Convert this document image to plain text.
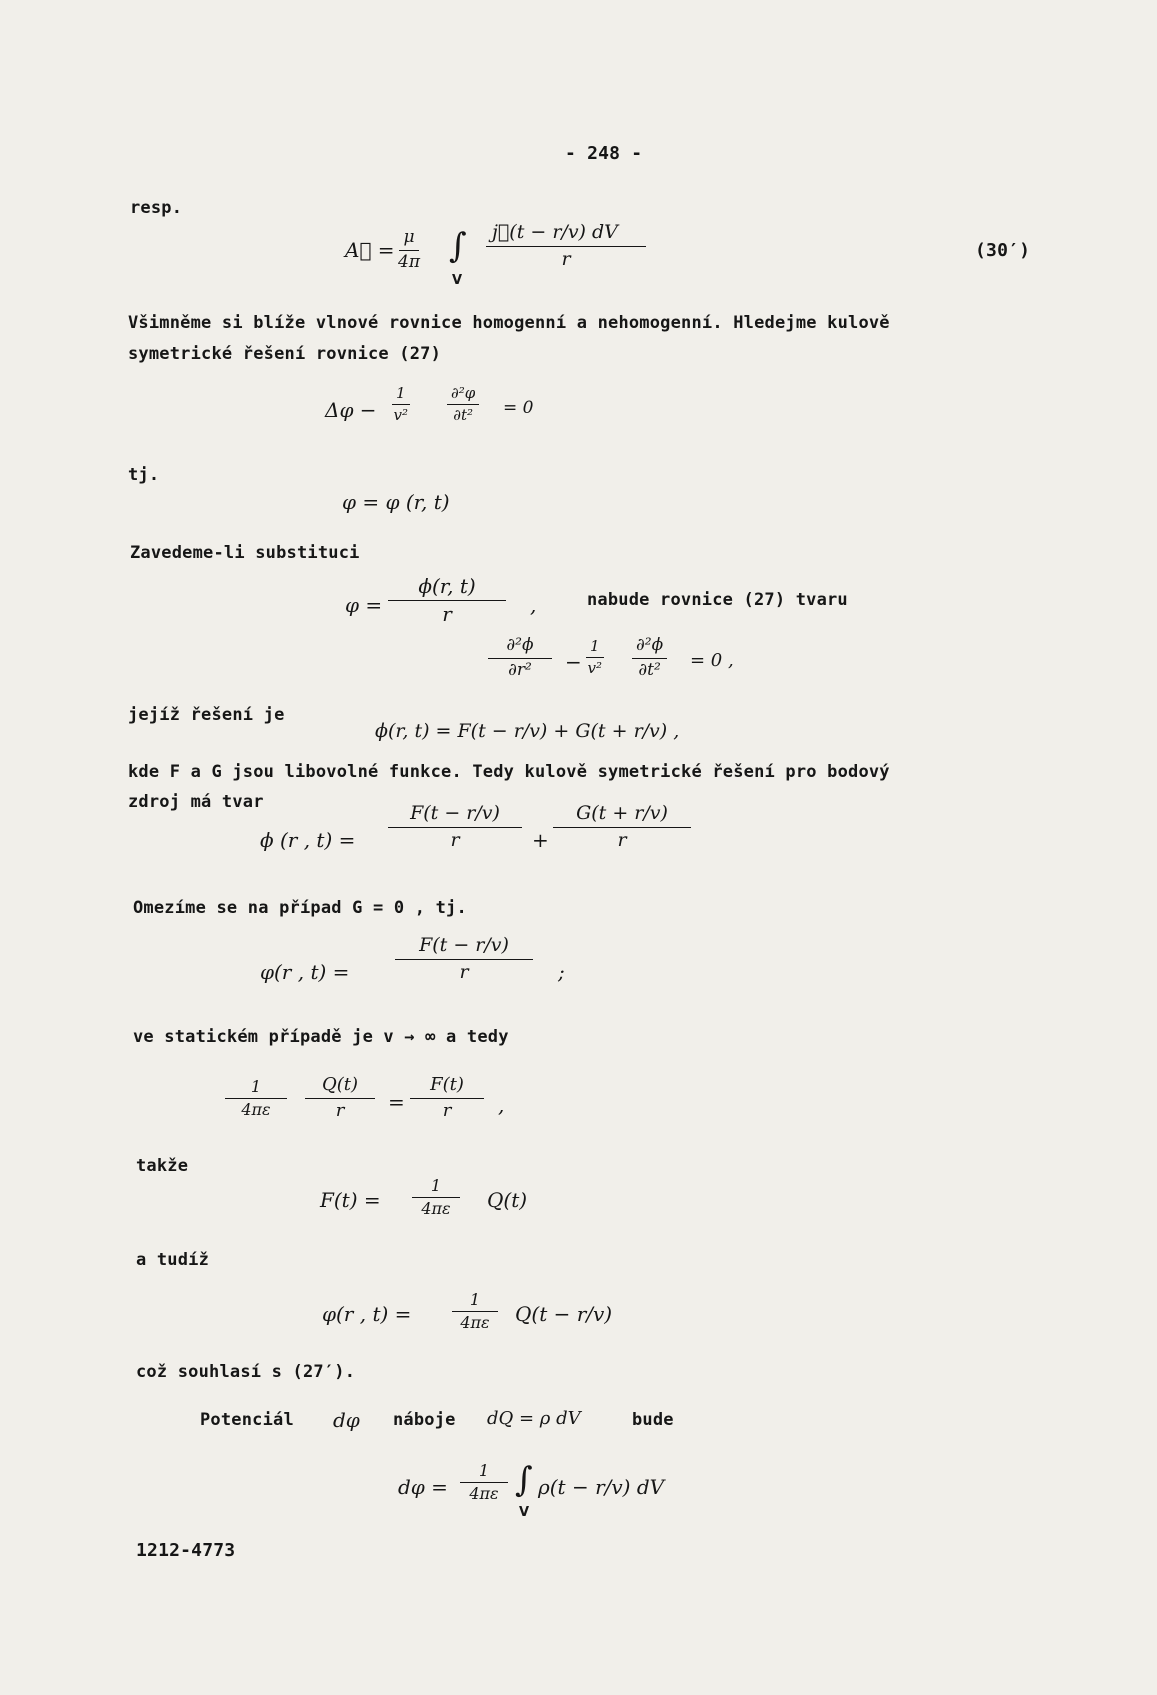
- 248 -
resp.
A⃗ = $\frac{\mu}{4\pi}$ ∫
V
$\frac{j⃗(t - r/v) dV}{r}$	(30′)
Všimněme si blíže vlnové rovnice homogenní a nehomogenní. Hledejme kulově
symetrické řešení rovnice (27)
$\Delta\varphi - \frac{1}{\text{v²}} \frac{\text{∂²φ}}{\text{∂t²}} = 0$
tj.
φ = φ (r, t)
Zavedeme-li substituci
$\varphi = \frac{\phi(r, t)}{r}$ ,	nabude rovnice (27) tvaru
$\frac{\text{∂²ϕ}}{\text{∂r²}} - \frac{1}{\text{v²}} \frac{\text{∂²ϕ}}{\text{∂t²}} = 0$ ,
jejíž řešení je
ϕ(r, t) = F(t − r/v) + G(t + r/v) ,
kde F a G jsou libovolné funkce. Tedy kulově symetrické řešení pro bodový
zdroj má tvar
ϕ (r , $t) = \frac{F(t - r/v)}{r} + \frac{G(t + r/v)}{r}$
Omezíme se na případ G = 0 , tj.
φ(r , $t) = \frac{F(t - r/v)}{r}$ ;
ve statickém případě je v → ∞ a tedy
$\frac{1}{4\pi\varepsilon} \frac{Q(t)}{r} = \frac{F(t)}{r}$ ,
takže
$F(t) = \frac{1}{4\pi\varepsilon} Q(t)$
a tudíž
φ(r , t) =	$\frac{1}{4\pi\varepsilon} Q(t - r/v)$
což souhlasí s (27′).
Potenciál dφ náboje dQ = ρ dV	bude
$d\varphi = \frac{1}{4\pi\varepsilon}$ ∫
V
ρ(t − r/v) dV
1212-4773
